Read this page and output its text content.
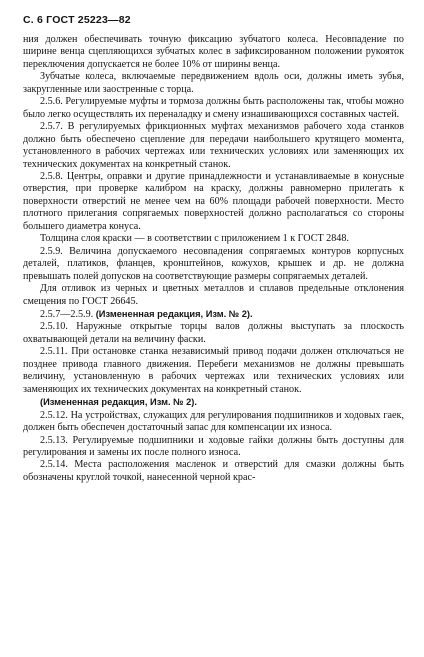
С. 6 ГОСТ 25223—82

ния должен обеспечивать точную фиксацию зубчатого колеса. Несовпадение по ширине венца сцепляющихся зубчатых колес в зафиксированном положении рукояток переключения допускается не более 10% от ширины венца.

Зубчатые колеса, включаемые передвижением вдоль оси, должны иметь зубья, закругленные или заостренные с торца.

2.5.6. Регулируемые муфты и тормоза должны быть расположены так, чтобы можно было легко осуществлять их переналадку и смену изнашивающихся составных частей.

2.5.7. В регулируемых фрикционных муфтах механизмов рабочего хода станков должно быть обеспечено сцепление для передачи наибольшего крутящего момента, установленного в рабочих чертежах или технических условиях или заменяющих их технических документах на конкретный станок.

2.5.8. Центры, оправки и другие принадлежности и устанавливаемые в конусные отверстия, при проверке калибром на краску, должны равномерно прилегать к поверхности отверстий не менее чем на 60% площади рабочей поверхности. Место плотного прилегания сопрягаемых поверхностей должно располагаться со стороны большего диаметра конуса.

Толщина слоя краски — в соответствии с приложением 1 к ГОСТ 2848.

2.5.9. Величина допускаемого несовпадения сопрягаемых контуров корпусных деталей, платиков, фланцев, кронштейнов, кожухов, крышек и др. не должна превышать полей допусков на соответствующие размеры сопрягаемых деталей.

Для отливок из черных и цветных металлов и сплавов предельные отклонения смещения по ГОСТ 26645.

2.5.7—2.5.9. (Измененная редакция, Изм. № 2).

2.5.10. Наружные открытые торцы валов должны выступать за плоскость охватывающей детали на величину фаски.

2.5.11. При остановке станка независимый привод подачи должен отключаться не позднее привода главного движения. Перебеги механизмов не должны превышать величину, установленную в рабочих чертежах или технических условиях или заменяющих их технических документах на конкретный станок.

(Измененная редакция, Изм. № 2).

2.5.12. На устройствах, служащих для регулирования подшипников и ходовых гаек, должен быть обеспечен достаточный запас для компенсации их износа.

2.5.13. Регулируемые подшипники и ходовые гайки должны быть доступны для регулирования и замены их после полного износа.

2.5.14. Места расположения масленок и отверстий для смазки должны быть обозначены круглой точкой, нанесенной черной крас-
